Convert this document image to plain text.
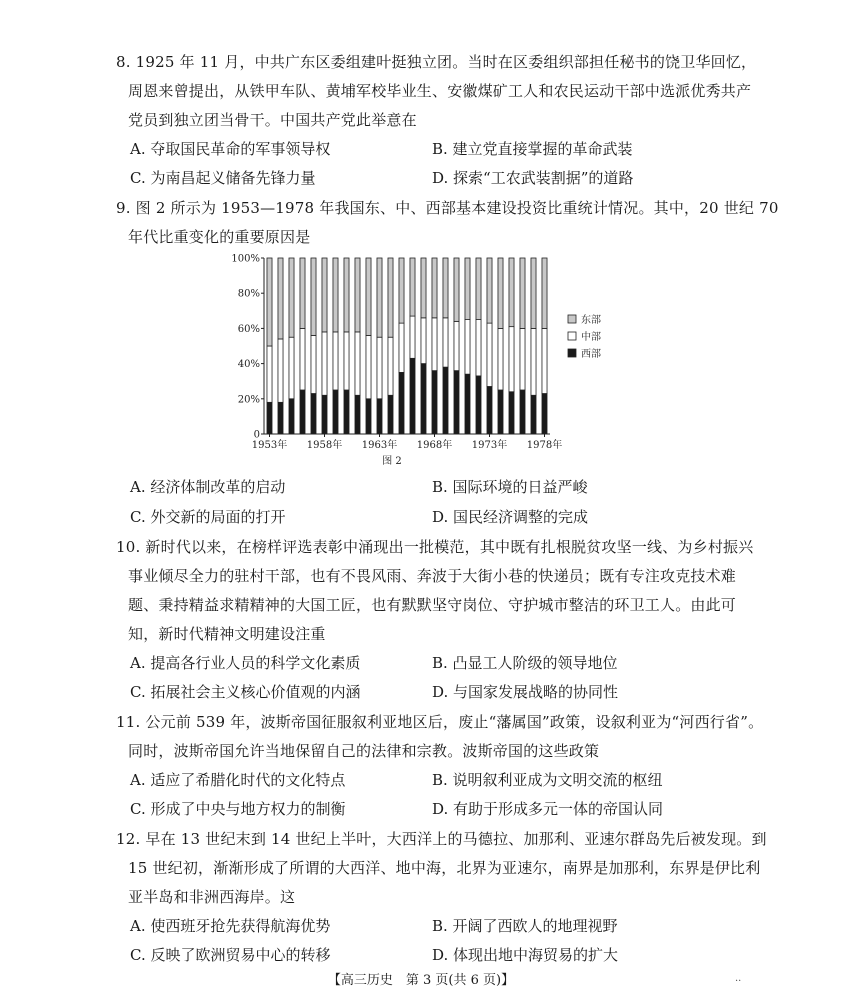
8. 1925 年 11 月，中共广东区委组建叶挺独立团。当时在区委组织部担任秘书的饶卫华回忆，
周恩来曾提出，从铁甲车队、黄埔军校毕业生、安徽煤矿工人和农民运动干部中选派优秀共产
党员到独立团当骨干。中国共产党此举意在
A. 夺取国民革命的军事领导权	B. 建立党直接掌握的革命武装
C. 为南昌起义储备先锋力量	D. 探索“工农武装割据”的道路
9. 图 2 所示为 1953—1978 年我国东、中、西部基本建设投资比重统计情况。其中，20 世纪 70
年代比重变化的重要原因是
0
20%
40%
60%
80%
100%
1953年 1958年 1963年 1968年 1973年 1978年
图 2
东部
中部
西部
A. 经济体制改革的启动	B. 国际环境的日益严峻
C. 外交新的局面的打开	D. 国民经济调整的完成
10. 新时代以来，在榜样评选表彰中涌现出一批模范，其中既有扎根脱贫攻坚一线、为乡村振兴
事业倾尽全力的驻村干部，也有不畏风雨、奔波于大街小巷的快递员；既有专注攻克技术难
题、秉持精益求精精神的大国工匠，也有默默坚守岗位、守护城市整洁的环卫工人。由此可
知，新时代精神文明建设注重
A. 提高各行业人员的科学文化素质	B. 凸显工人阶级的领导地位
C. 拓展社会主义核心价值观的内涵	D. 与国家发展战略的协同性
11. 公元前 539 年，波斯帝国征服叙利亚地区后，废止“藩属国”政策，设叙利亚为“河西行省”。
同时，波斯帝国允许当地保留自己的法律和宗教。波斯帝国的这些政策
A. 适应了希腊化时代的文化特点	B. 说明叙利亚成为文明交流的枢纽
C. 形成了中央与地方权力的制衡	D. 有助于形成多元一体的帝国认同
12. 早在 13 世纪末到 14 世纪上半叶，大西洋上的马德拉、加那利、亚速尔群岛先后被发现。到
15 世纪初，渐渐形成了所谓的大西洋、地中海，北界为亚速尔，南界是加那利，东界是伊比利
亚半岛和非洲西海岸。这
A. 使西班牙抢先获得航海优势	B. 开阔了西欧人的地理视野
C. 反映了欧洲贸易中心的转移	D. 体现出地中海贸易的扩大
【高三历史　第 3 页(共 6 页)】	··
